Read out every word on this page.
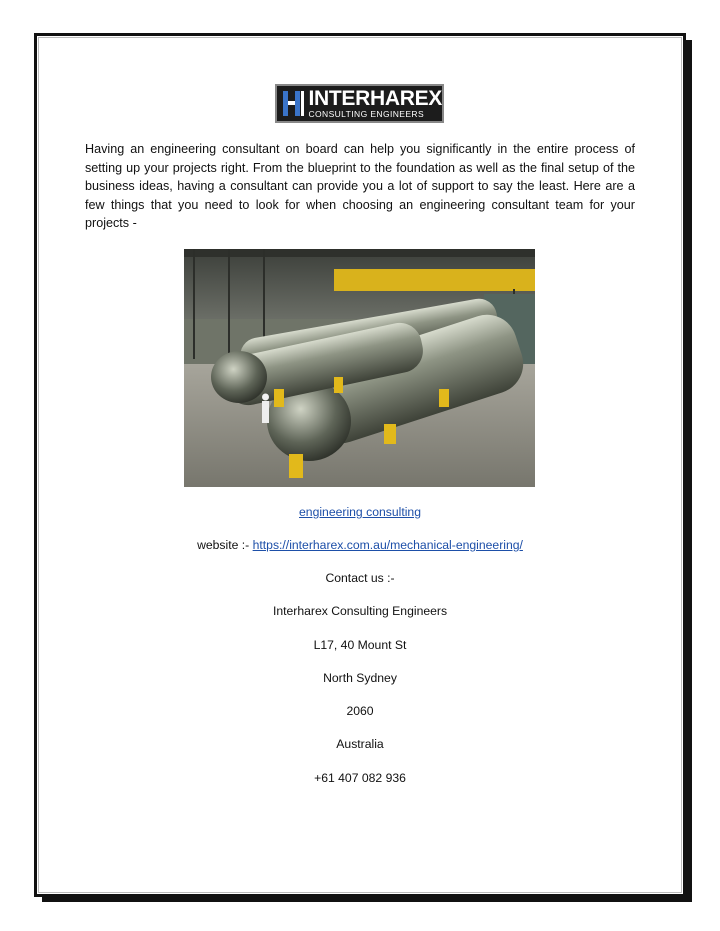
INTERHAREX
CONSULTING ENGINEERS

Having an engineering consultant on board can help you significantly in the entire process of setting up your projects right. From the blueprint to the foundation as well as the final setup of the business ideas, having a consultant can provide you a lot of support to say the least. Here are a few things that you need to look for when choosing an engineering consultant team for your projects -

engineering consulting

website :- https://interharex.com.au/mechanical-engineering/

Contact us :-

Interharex Consulting Engineers

L17, 40 Mount St

North Sydney

2060

Australia

+61 407 082 936
